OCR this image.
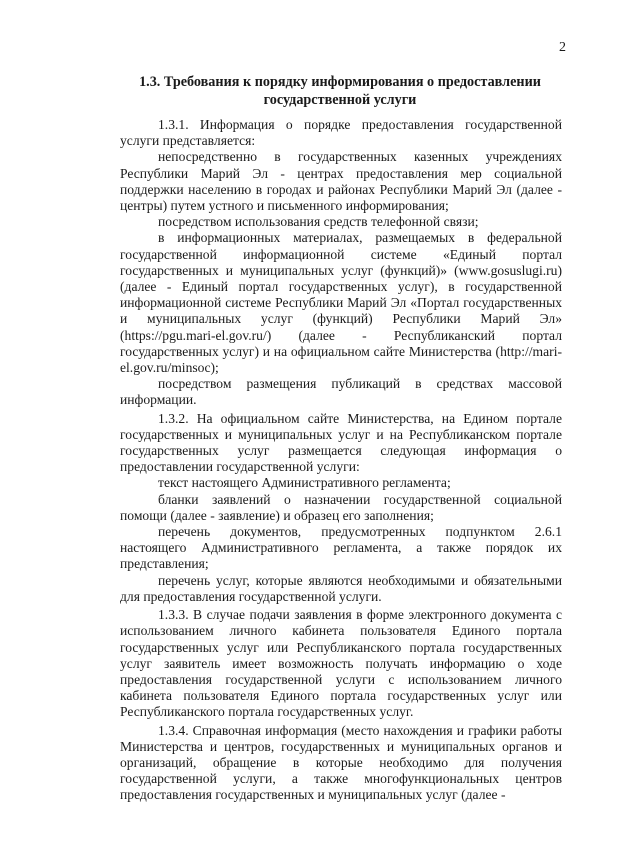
2
1.3. Требования к порядку информирования о предоставлении
государственной услуги

1.3.1. Информация о порядке предоставления государственной услуги представляется:

непосредственно в государственных казенных учреждениях Республики Марий Эл - центрах предоставления мер социальной поддержки населению в городах и районах Республики Марий Эл (далее - центры) путем устного и письменного информирования;

посредством использования средств телефонной связи;

в информационных материалах, размещаемых в федеральной государственной информационной системе «Единый портал государственных и муниципальных услуг (функций)» (www.gosuslugi.ru) (далее - Единый портал государственных услуг), в государственной информационной системе Республики Марий Эл «Портал государственных и муниципальных услуг (функций) Республики Марий Эл» (https://pgu.mari-el.gov.ru/) (далее - Республиканский портал государственных услуг) и на официальном сайте Министерства (http://mari-el.gov.ru/minsoc);

посредством размещения публикаций в средствах массовой информации.

1.3.2. На официальном сайте Министерства, на Едином портале государственных и муниципальных услуг и на Республиканском портале государственных услуг размещается следующая информация о предоставлении государственной услуги:

текст настоящего Административного регламента;

бланки заявлений о назначении государственной социальной помощи (далее - заявление) и образец его заполнения;

перечень документов, предусмотренных подпунктом 2.6.1 настоящего Административного регламента, а также порядок их представления;

перечень услуг, которые являются необходимыми и обязательными для предоставления государственной услуги.

1.3.3. В случае подачи заявления в форме электронного документа с использованием личного кабинета пользователя Единого портала государственных услуг или Республиканского портала государственных услуг заявитель имеет возможность получать информацию о ходе предоставления государственной услуги с использованием личного кабинета пользователя Единого портала государственных услуг или Республиканского портала государственных услуг.

1.3.4. Справочная информация (место нахождения и графики работы Министерства и центров, государственных и муниципальных органов и организаций, обращение в которые необходимо для получения государственной услуги, а также многофункциональных центров предоставления государственных и муниципальных услуг (далее -
